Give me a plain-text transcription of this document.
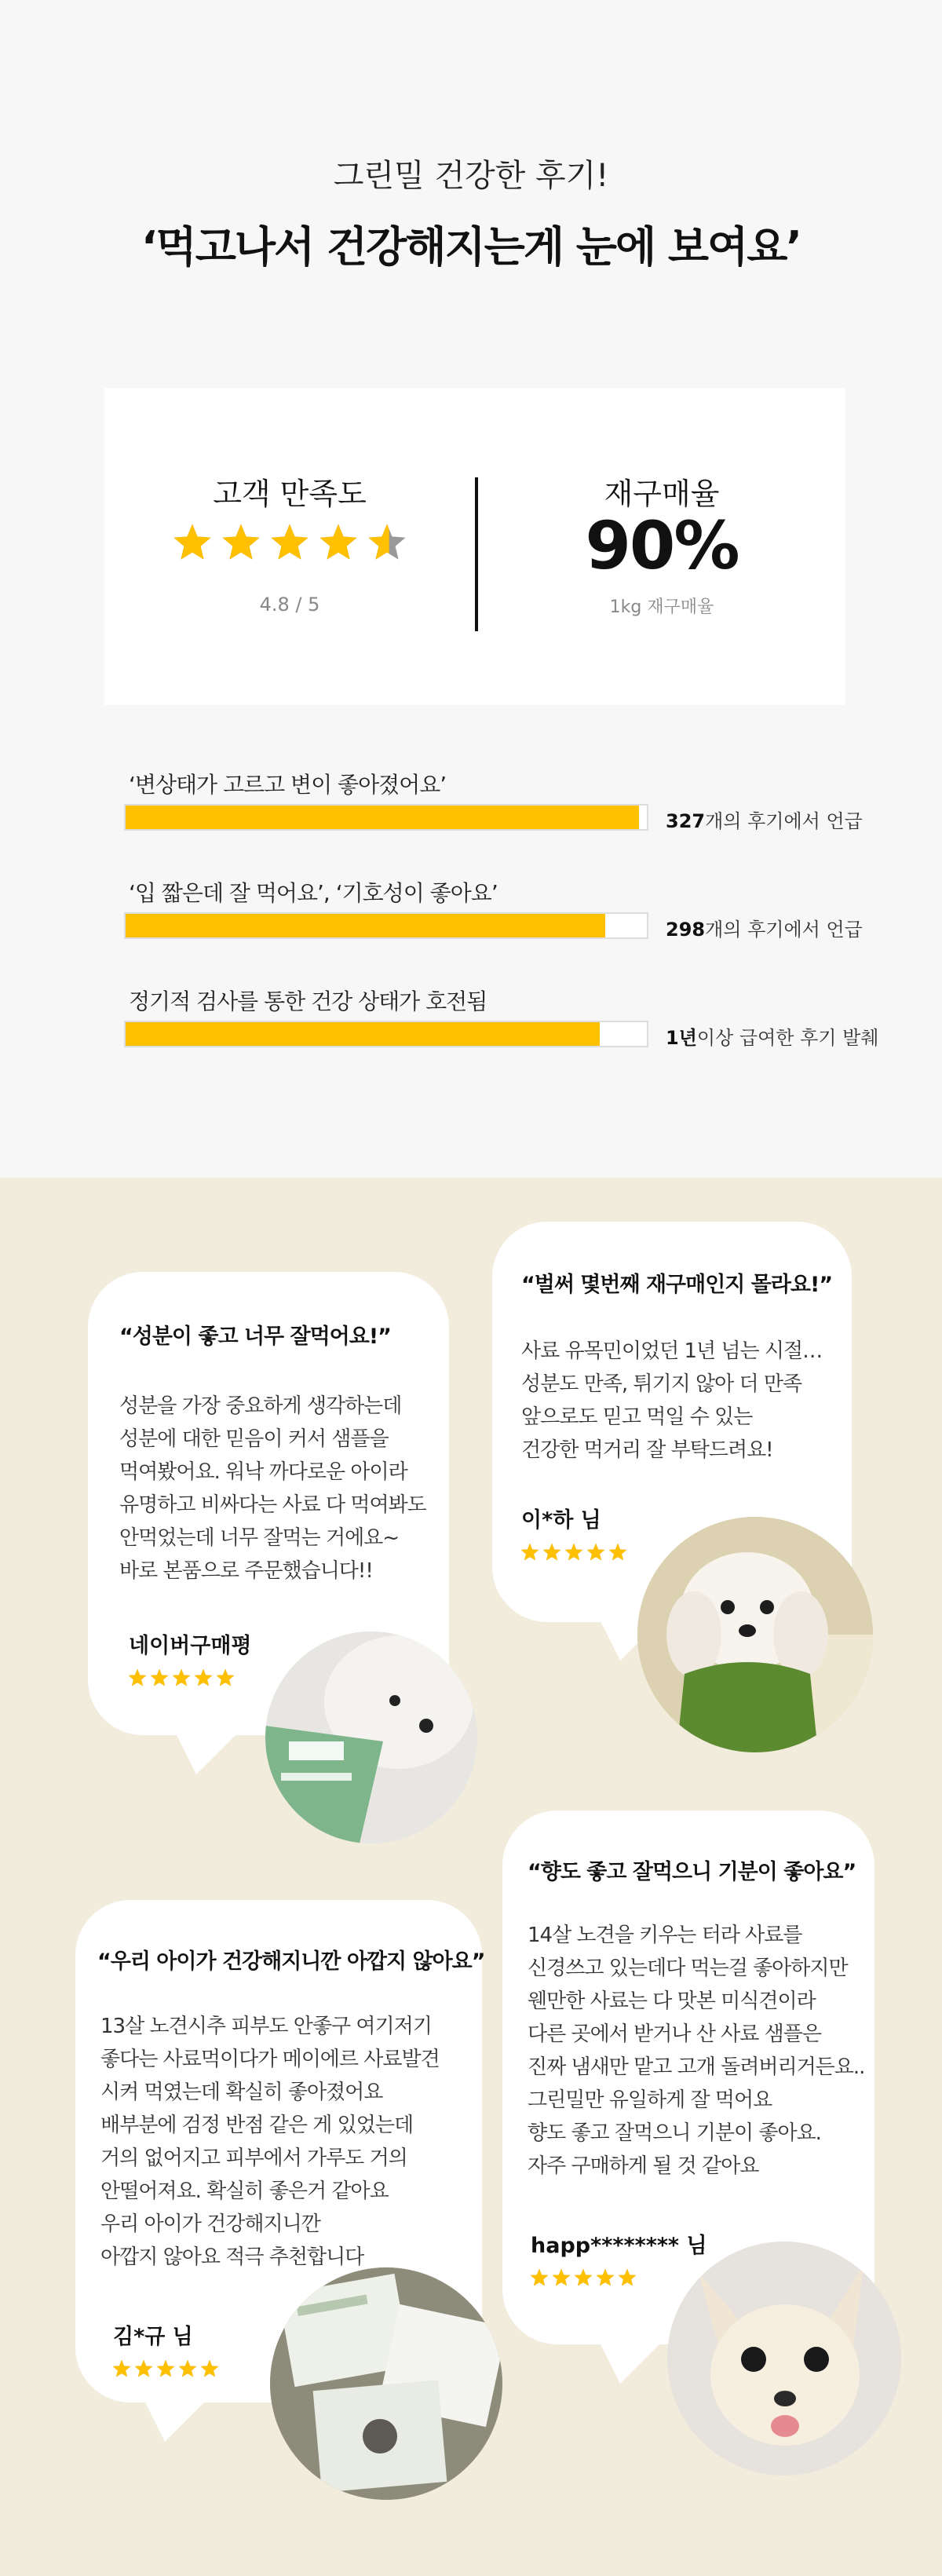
그린밀 건강한 후기!
‘먹고나서 건강해지는게 눈에 보여요’
고객 만족도
4.8 / 5
재구매율
90%
1kg 재구매율
‘변상태가 고르고 변이 좋아졌어요’
327개의 후기에서 언급
‘입 짧은데 잘 먹어요’, ‘기호성이 좋아요’
298개의 후기에서 언급
정기적 검사를 통한 건강 상태가 호전됨
1년이상 급여한 후기 발췌
“성분이 좋고 너무 잘먹어요!”
성분을 가장 중요하게 생각하는데
성분에 대한 믿음이 커서 샘플을
먹여봤어요. 워낙 까다로운 아이라
유명하고 비싸다는 사료 다 먹여봐도
안먹었는데 너무 잘먹는 거에요~
바로 본품으로 주문했습니다!!
네이버구매평
“벌써 몇번째 재구매인지 몰라요!”
사료 유목민이었던 1년 넘는 시절…
성분도 만족, 튀기지 않아 더 만족
앞으로도 믿고 먹일 수 있는
건강한 먹거리 잘 부탁드려요!
이*하 님
“우리 아이가 건강해지니깐 아깝지 않아요”
13살 노견시추 피부도 안좋구 여기저기
좋다는 사료먹이다가 메이에르 사료발견
시켜 먹였는데 확실히 좋아졌어요
배부분에 검정 반점 같은 게 있었는데
거의 없어지고 피부에서 가루도 거의
안떨어져요. 확실히 좋은거 같아요
우리 아이가 건강해지니깐
아깝지 않아요 적극 추천합니다
김*규 님
“향도 좋고 잘먹으니 기분이 좋아요”
14살 노견을 키우는 터라 사료를
신경쓰고 있는데다 먹는걸 좋아하지만
웬만한 사료는 다 맛본 미식견이라
다른 곳에서 받거나 산 사료 샘플은
진짜 냄새만 맡고 고개 돌려버리거든요..
그린밀만 유일하게 잘 먹어요
향도 좋고 잘먹으니 기분이 좋아요.
자주 구매하게 될 것 같아요
happ******** 님
